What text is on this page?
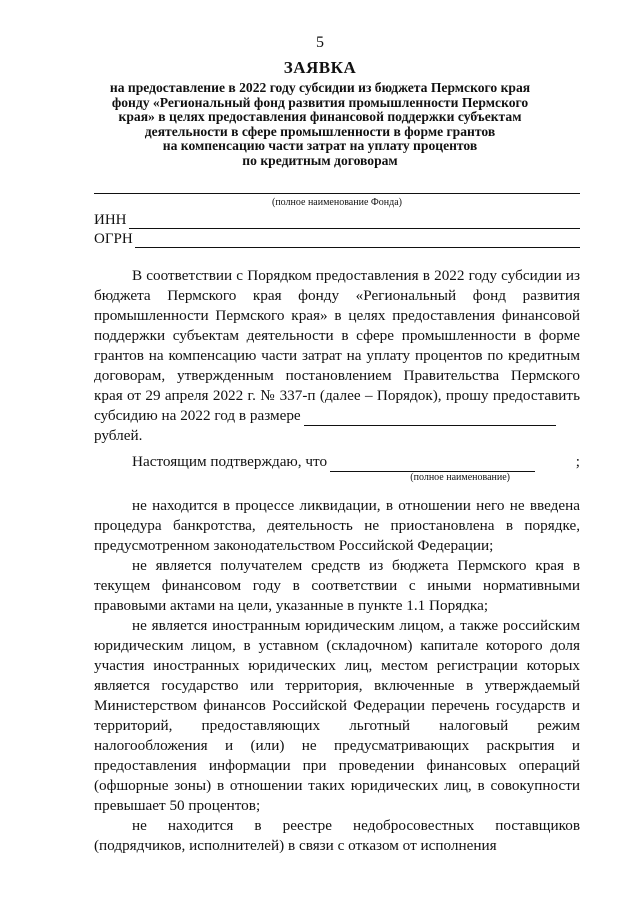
5
ЗАЯВКА
на предоставление в 2022 году субсидии из бюджета Пермского края
фонду «Региональный фонд развития промышленности Пермского
края» в целях предоставления финансовой поддержки субъектам
деятельности в сфере промышленности в форме грантов
на компенсацию части затрат на уплату процентов
по кредитным договорам
(полное наименование Фонда)
ИНН
ОГРН

В соответствии с Порядком предоставления в 2022 году субсидии из бюджета Пермского края фонду «Региональный фонд развития промышленности Пермского края» в целях предоставления финансовой поддержки субъектам деятельности в сфере промышленности в форме грантов на компенсацию части затрат на уплату процентов по кредитным договорам, утвержденным постановлением Правительства Пермского края от 29 апреля 2022 г. № 337-п (далее – Порядок), прошу предоставить субсидию на 2022 год в размере

рублей.

Настоящим подтверждаю, что	;

(полное наименование)

не находится в процессе ликвидации, в отношении него не введена процедура банкротства, деятельность не приостановлена в порядке, предусмотренном законодательством Российской Федерации;

не является получателем средств из бюджета Пермского края в текущем финансовом году в соответствии с иными нормативными правовыми актами на цели, указанные в пункте 1.1 Порядка;

не является иностранным юридическим лицом, а также российским юридическим лицом, в уставном (складочном) капитале которого доля участия иностранных юридических лиц, местом регистрации которых является государство или территория, включенные в утверждаемый Министерством финансов Российской Федерации перечень государств и территорий, предоставляющих льготный налоговый режим налогообложения и (или) не предусматривающих раскрытия и предоставления информации при проведении финансовых операций (офшорные зоны) в отношении таких юридических лиц, в совокупности превышает 50 процентов;

не находится в реестре недобросовестных поставщиков (подрядчиков, исполнителей) в связи с отказом от исполнения
